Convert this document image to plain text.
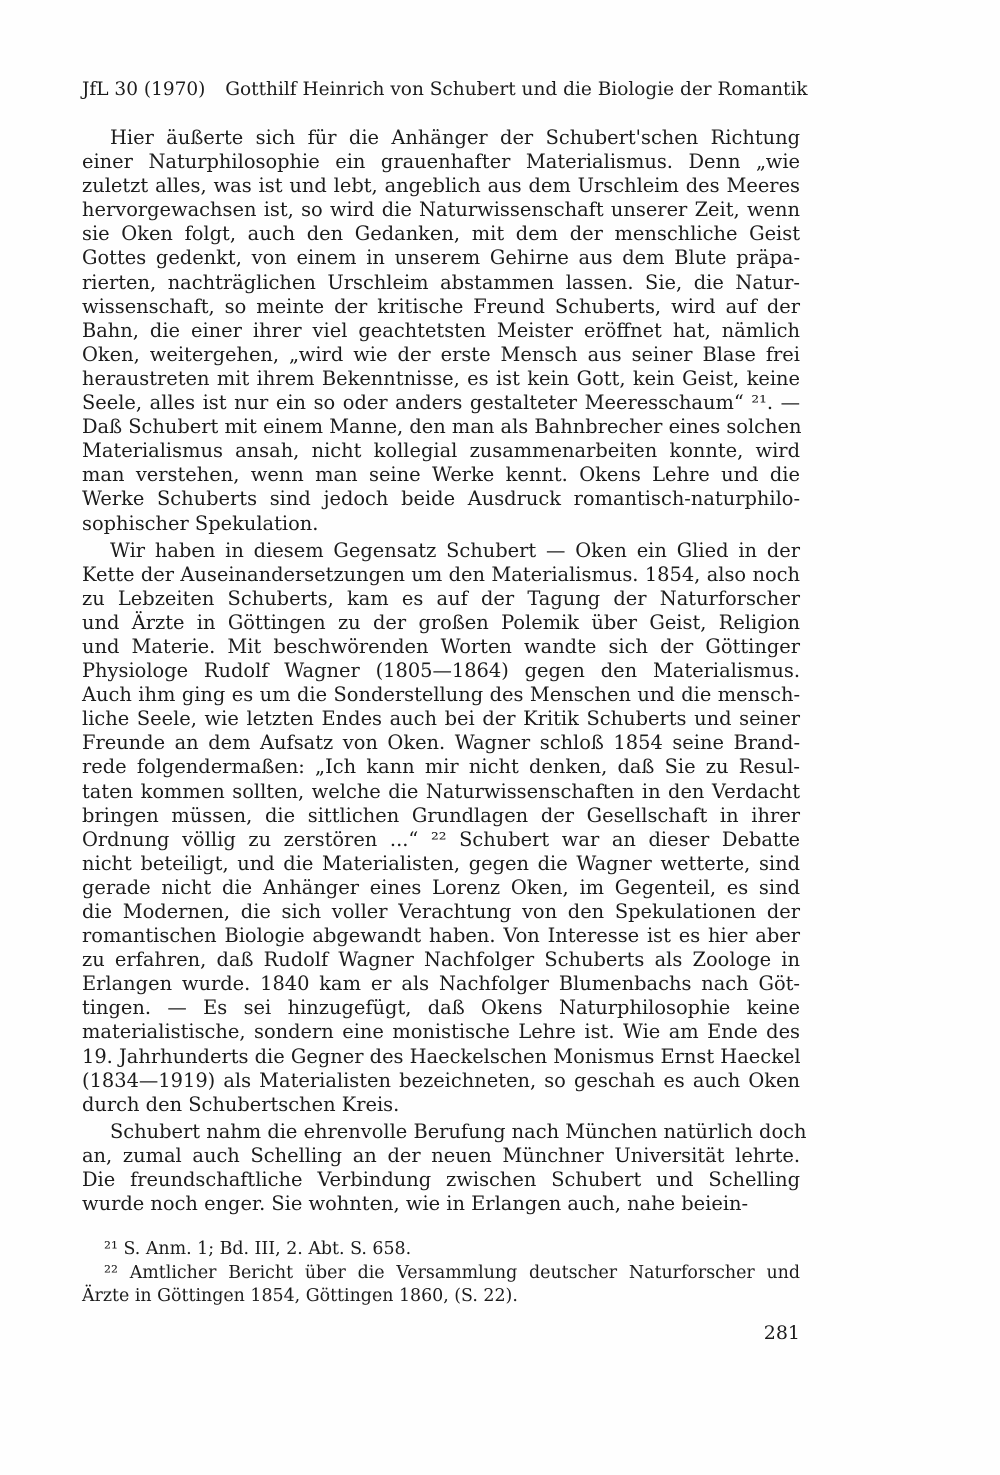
JfL 30 (1970) Gotthilf Heinrich von Schubert und die Biologie der Romantik
Hier äußerte sich für die Anhänger der Schubert'schen Richtung
einer Naturphilosophie ein grauenhafter Materialismus. Denn „wie
zuletzt alles, was ist und lebt, angeblich aus dem Urschleim des Meeres
hervorgewachsen ist, so wird die Naturwissenschaft unserer Zeit, wenn
sie Oken folgt, auch den Gedanken, mit dem der menschliche Geist
Gottes gedenkt, von einem in unserem Gehirne aus dem Blute präpa-
rierten, nachträglichen Urschleim abstammen lassen. Sie, die Natur-
wissenschaft, so meinte der kritische Freund Schuberts, wird auf der
Bahn, die einer ihrer viel geachtetsten Meister eröffnet hat, nämlich
Oken, weitergehen, „wird wie der erste Mensch aus seiner Blase frei
heraustreten mit ihrem Bekenntnisse, es ist kein Gott, kein Geist, keine
Seele, alles ist nur ein so oder anders gestalteter Meeresschaum“ ²¹. —
Daß Schubert mit einem Manne, den man als Bahnbrecher eines solchen
Materialismus ansah, nicht kollegial zusammenarbeiten konnte, wird
man verstehen, wenn man seine Werke kennt. Okens Lehre und die
Werke Schuberts sind jedoch beide Ausdruck romantisch-naturphilo-
sophischer Spekulation.
Wir haben in diesem Gegensatz Schubert — Oken ein Glied in der
Kette der Auseinandersetzungen um den Materialismus. 1854, also noch
zu Lebzeiten Schuberts, kam es auf der Tagung der Naturforscher
und Ärzte in Göttingen zu der großen Polemik über Geist, Religion
und Materie. Mit beschwörenden Worten wandte sich der Göttinger
Physiologe Rudolf Wagner (1805—1864) gegen den Materialismus.
Auch ihm ging es um die Sonderstellung des Menschen und die mensch-
liche Seele, wie letzten Endes auch bei der Kritik Schuberts und seiner
Freunde an dem Aufsatz von Oken. Wagner schloß 1854 seine Brand-
rede folgendermaßen: „Ich kann mir nicht denken, daß Sie zu Resul-
taten kommen sollten, welche die Naturwissenschaften in den Verdacht
bringen müssen, die sittlichen Grundlagen der Gesellschaft in ihrer
Ordnung völlig zu zerstören ...“ ²² Schubert war an dieser Debatte
nicht beteiligt, und die Materialisten, gegen die Wagner wetterte, sind
gerade nicht die Anhänger eines Lorenz Oken, im Gegenteil, es sind
die Modernen, die sich voller Verachtung von den Spekulationen der
romantischen Biologie abgewandt haben. Von Interesse ist es hier aber
zu erfahren, daß Rudolf Wagner Nachfolger Schuberts als Zoologe in
Erlangen wurde. 1840 kam er als Nachfolger Blumenbachs nach Göt-
tingen. — Es sei hinzugefügt, daß Okens Naturphilosophie keine
materialistische, sondern eine monistische Lehre ist. Wie am Ende des
19. Jahrhunderts die Gegner des Haeckelschen Monismus Ernst Haeckel
(1834—1919) als Materialisten bezeichneten, so geschah es auch Oken
durch den Schubertschen Kreis.
Schubert nahm die ehrenvolle Berufung nach München natürlich doch
an, zumal auch Schelling an der neuen Münchner Universität lehrte.
Die freundschaftliche Verbindung zwischen Schubert und Schelling
wurde noch enger. Sie wohnten, wie in Erlangen auch, nahe beiein-
²¹ S. Anm. 1; Bd. III, 2. Abt. S. 658.
²² Amtlicher Bericht über die Versammlung deutscher Naturforscher und
Ärzte in Göttingen 1854, Göttingen 1860, (S. 22).
281
